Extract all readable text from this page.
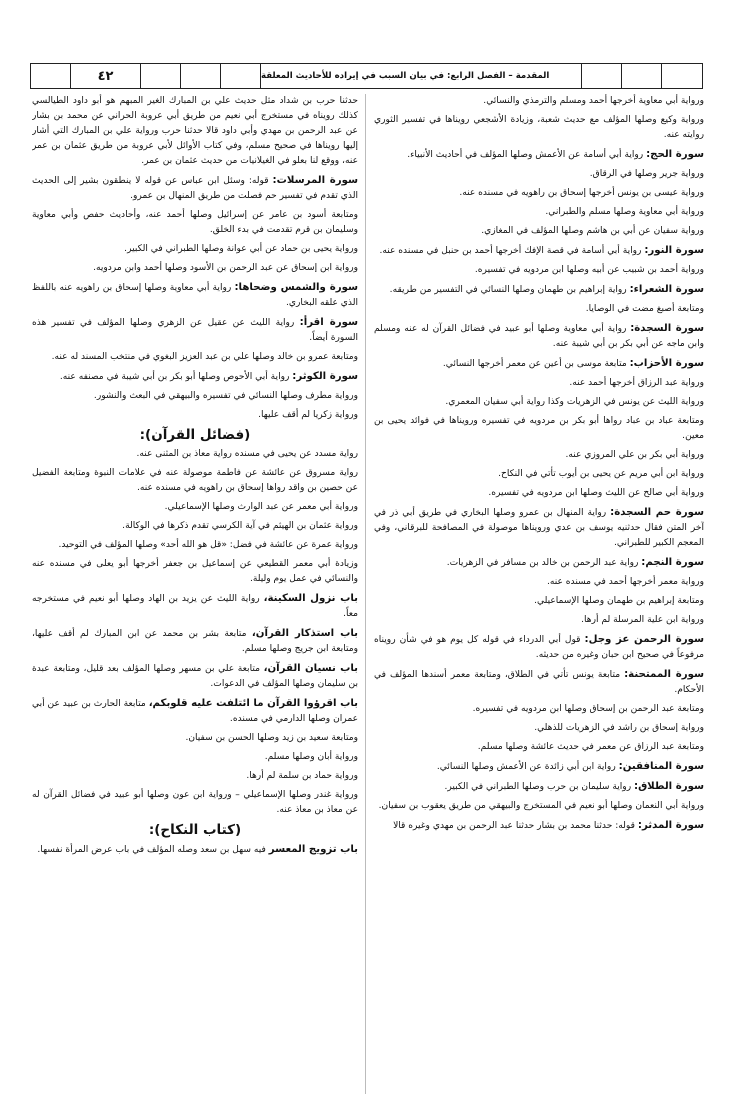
٤٢	المقدمة – الفصل الرابع: في بيان السبب في إيراده للأحاديث المعلقة

ورواية أبي معاوية أخرجها أحمد ومسلم والترمذي والنسائي.

ورواية وكيع وصلها المؤلف مع حديث شعبة، وزيادة الأشجعي رويناها في تفسير الثوري روايته عنه.

سورة الحج: رواية أبي أسامة عن الأعمش وصلها المؤلف في أحاديث الأنبياء.

ورواية جرير وصلها في الرقاق.

ورواية عيسى بن يونس أخرجها إسحاق بن راهويه في مسنده عنه.

ورواية أبي معاوية وصلها مسلم والطبراني.

ورواية سفيان عن أبي بن هاشم وصلها المؤلف في المغازي.

سورة النور: رواية أبي أسامة في قصة الإفك أخرجها أحمد بن حنبل في مسنده عنه.

ورواية أحمد بن شبيب عن أبيه وصلها ابن مردويه في تفسيره.

سورة الشعراء: رواية إبراهيم بن طهمان وصلها النسائي في التفسير من طريقه.

ومتابعة أصبغ مضت في الوصايا.

سورة السجدة: رواية أبي معاوية وصلها أبو عبيد في فضائل القرآن له عنه ومسلم وابن ماجه عن أبي بكر بن أبي شيبة عنه.

سورة الأحزاب: متابعة موسى بن أعين عن معمر أخرجها النسائي.

ورواية عبد الرزاق أخرجها أحمد عنه.

ورواية الليث عن يونس في الزهريات وكذا رواية أبي سفيان المعمري.

ومتابعة عباد بن عباد رواها أبو بكر بن مردويه في تفسيره ورويناها في فوائد يحيى بن معين.

ورواية أبي بكر بن علي المروزي عنه.

ورواية ابن أبي مريم عن يحيى بن أيوب تأتي في النكاح.

ورواية أبي صالح عن الليث وصلها ابن مردويه في تفسيره.

سورة حم السجدة: رواية المنهال بن عمرو وصلها البخاري في طريق أبي ذر في آخر المتن فقال حدثنيه يوسف بن عدي ورويناها موصولة في المصافحة للبرقاني، وفي المعجم الكبير للطبراني.

سورة النجم: رواية عبد الرحمن بن خالد بن مسافر في الزهريات.

ورواية معمر أخرجها أحمد في مسنده عنه.

ومتابعة إبراهيم بن طهمان وصلها الإسماعيلي.

ورواية ابن علية المرسلة لم أرها.

سورة الرحمن عز وجل: قول أبي الدرداء في قوله كل يوم هو في شأن رويناه مرفوعاً في صحيح ابن حبان وغيره من حديثه.

سورة الممتحنة: متابعة يونس تأتي في الطلاق، ومتابعة معمر أسندها المؤلف في الأحكام.

ومتابعة عبد الرحمن بن إسحاق وصلها ابن مردويه في تفسيره.

ورواية إسحاق بن راشد في الزهريات للذهلي.

ومتابعة عبد الرزاق عن معمر في حديث عائشة وصلها مسلم.

سورة المنافقين: رواية ابن أبي زائدة عن الأعمش وصلها النسائي.

سورة الطلاق: رواية سليمان بن حرب وصلها الطبراني في الكبير.

ورواية أبي النعمان وصلها أبو نعيم في المستخرج والبيهقي من طريق يعقوب بن سفيان.

سورة المدثر: قوله: حدثنا محمد بن بشار حدثنا عبد الرحمن بن مهدي وغيره قالا

حدثنا حرب بن شداد مثل حديث علي بن المبارك الغير المبهم هو أبو داود الطيالسي كذلك رويناه في مستخرج أبي نعيم من طريق أبي عروبة الحراني عن محمد بن بشار عن عبد الرحمن بن مهدي وأبي داود قالا حدثنا حرب ورواية علي بن المبارك التي أشار إليها رويناها في صحيح مسلم، وفي كتاب الأوائل لأبي عروبة من طريق عثمان بن عمر عنه، ووقع لنا بعلو في الغيلانيات من حديث عثمان بن عمر.

سورة المرسلات: قوله: وسئل ابن عباس عن قوله لا ينطقون بشير إلى الحديث الذي تقدم في تفسير حم فصلت من طريق المنهال بن عمرو.

ومتابعة أسود بن عامر عن إسرائيل وصلها أحمد عنه، وأحاديث حفص وأبي معاوية وسليمان بن قرم تقدمت في بدء الخلق.

ورواية يحيى بن حماد عن أبي عوانة وصلها الطبراني في الكبير.

ورواية ابن إسحاق عن عبد الرحمن بن الأسود وصلها أحمد وابن مردويه.

سورة والشمس وضحاها: رواية أبي معاوية وصلها إسحاق بن راهويه عنه باللفظ الذي علقه البخاري.

سورة اقرأ: رواية الليث عن عقيل عن الزهري وصلها المؤلف في تفسير هذه السورة أيضاً.

ومتابعة عمرو بن خالد وصلها علي بن عبد العزيز البغوي في منتخب المسند له عنه.

سورة الكوثر: رواية أبي الأحوص وصلها أبو بكر بن أبي شيبة في مصنفه عنه.

ورواية مطرف وصلها النسائي في تفسيره والبيهقي في البعث والنشور.

ورواية زكريا لم أقف عليها.

(فضائل القرآن):

رواية مسدد عن يحيى في مسنده رواية معاذ بن المثنى عنه.

رواية مسروق عن عائشة عن فاطمة موصولة عنه في علامات النبوة ومتابعة الفضيل عن حصين بن واقد رواها إسحاق بن راهويه في مسنده عنه.

ورواية أبي معمر عن عبد الوارث وصلها الإسماعيلي.

ورواية عثمان بن الهيثم في آية الكرسي تقدم ذكرها في الوكالة.

ورواية عمرة عن عائشة في فضل: «قل هو الله أحد» وصلها المؤلف في التوحيد.

وزيادة أبي معمر القطيعي عن إسماعيل بن جعفر أخرجها أبو يعلى في مسنده عنه والنسائي في عمل يوم وليلة.

باب نزول السكينة، رواية الليث عن يزيد بن الهاد وصلها أبو نعيم في مستخرجه معاً.

باب استذكار القرآن، متابعة بشر بن محمد عن ابن المبارك لم أقف عليها، ومتابعة ابن جريج وصلها مسلم.

باب نسيان القرآن، متابعة علي بن مسهر وصلها المؤلف بعد قليل، ومتابعة عبدة بن سليمان وصلها المؤلف في الدعوات.

باب اقرؤوا القرآن ما ائتلفت عليه قلوبكم، متابعة الحارث بن عبيد عن أبي عمران وصلها الدارمي في مسنده.

ومتابعة سعيد بن زيد وصلها الحسن بن سفيان.

ورواية أبان وصلها مسلم.

ورواية حماد بن سلمة لم أرها.

ورواية غندر وصلها الإسماعيلي – ورواية ابن عون وصلها أبو عبيد في فضائل القرآن له عن معاذ بن معاذ عنه.

(كتاب النكاح):

باب تزويج المعسر فيه سهل بن سعد وصله المؤلف في باب عرض المرأة نفسها.
